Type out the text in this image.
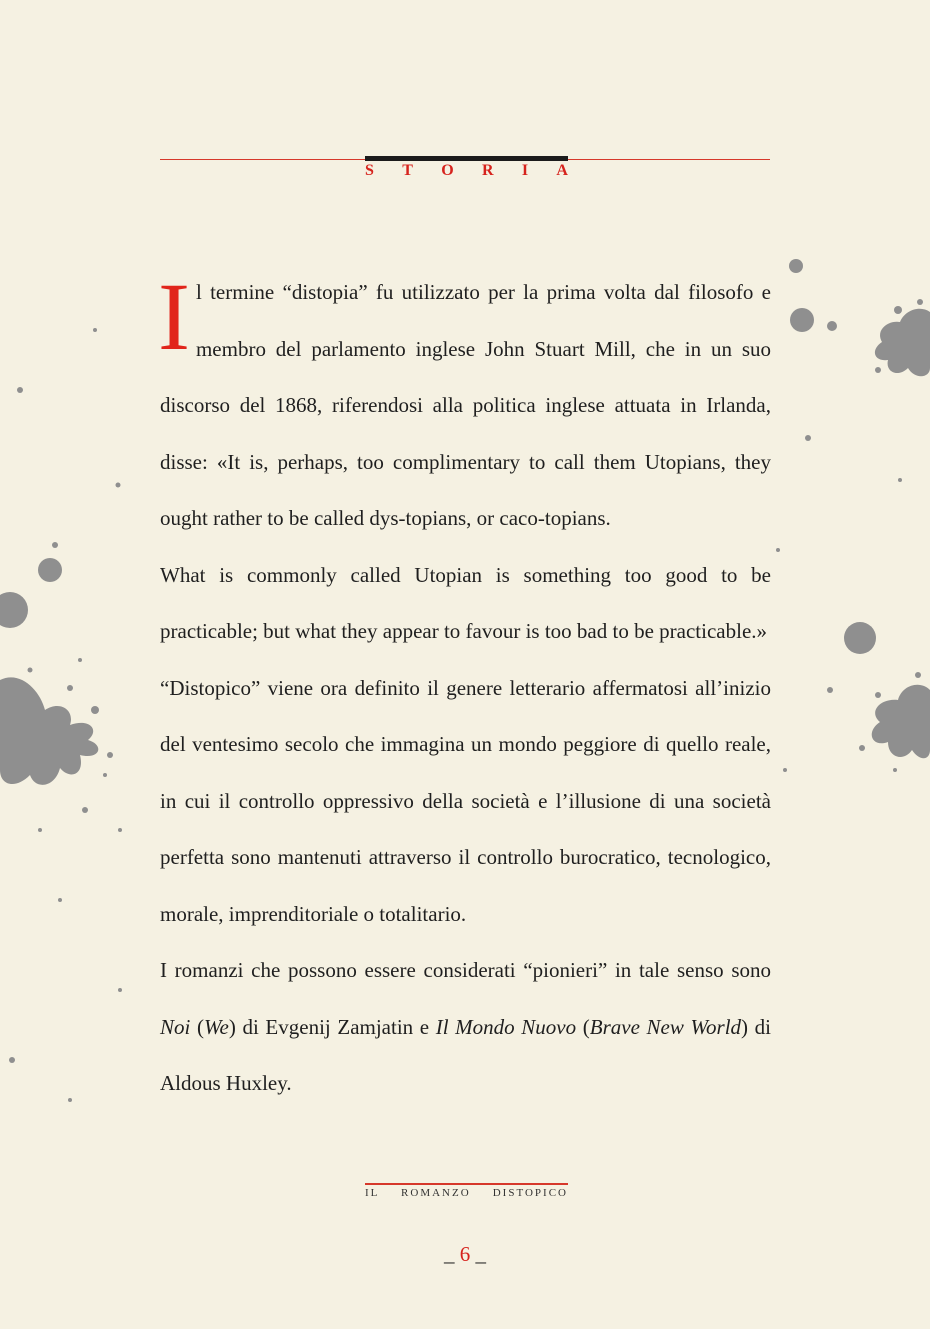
S T O R I A

Il termine “distopia” fu utilizzato per la prima volta dal filosofo e membro del parlamento inglese John Stuart Mill, che in un suo discorso del 1868, riferendosi alla politica inglese attuata in Irlanda, disse: «It is, perhaps, too complimentary to call them Utopians, they ought rather to be called dys-topians, or caco-topians.

What is commonly called Utopian is something too good to be practicable; but what they appear to favour is too bad to be practicable.»

“Distopico” viene ora definito il genere letterario affermatosi all’inizio del ventesimo secolo che immagina un mondo peggiore di quello reale, in cui il controllo oppressivo della società e l’illusione di una società perfetta sono mantenuti attraverso il controllo burocratico, tecnologico, morale, imprenditoriale o totalitario.

I romanzi che possono essere considerati “pionieri” in tale senso sono Noi (We) di Evgenij Zamjatin e Il Mondo Nuovo (Brave New World) di Aldous Huxley.

IL ROMANZO DISTOPICO
_ 6 _
